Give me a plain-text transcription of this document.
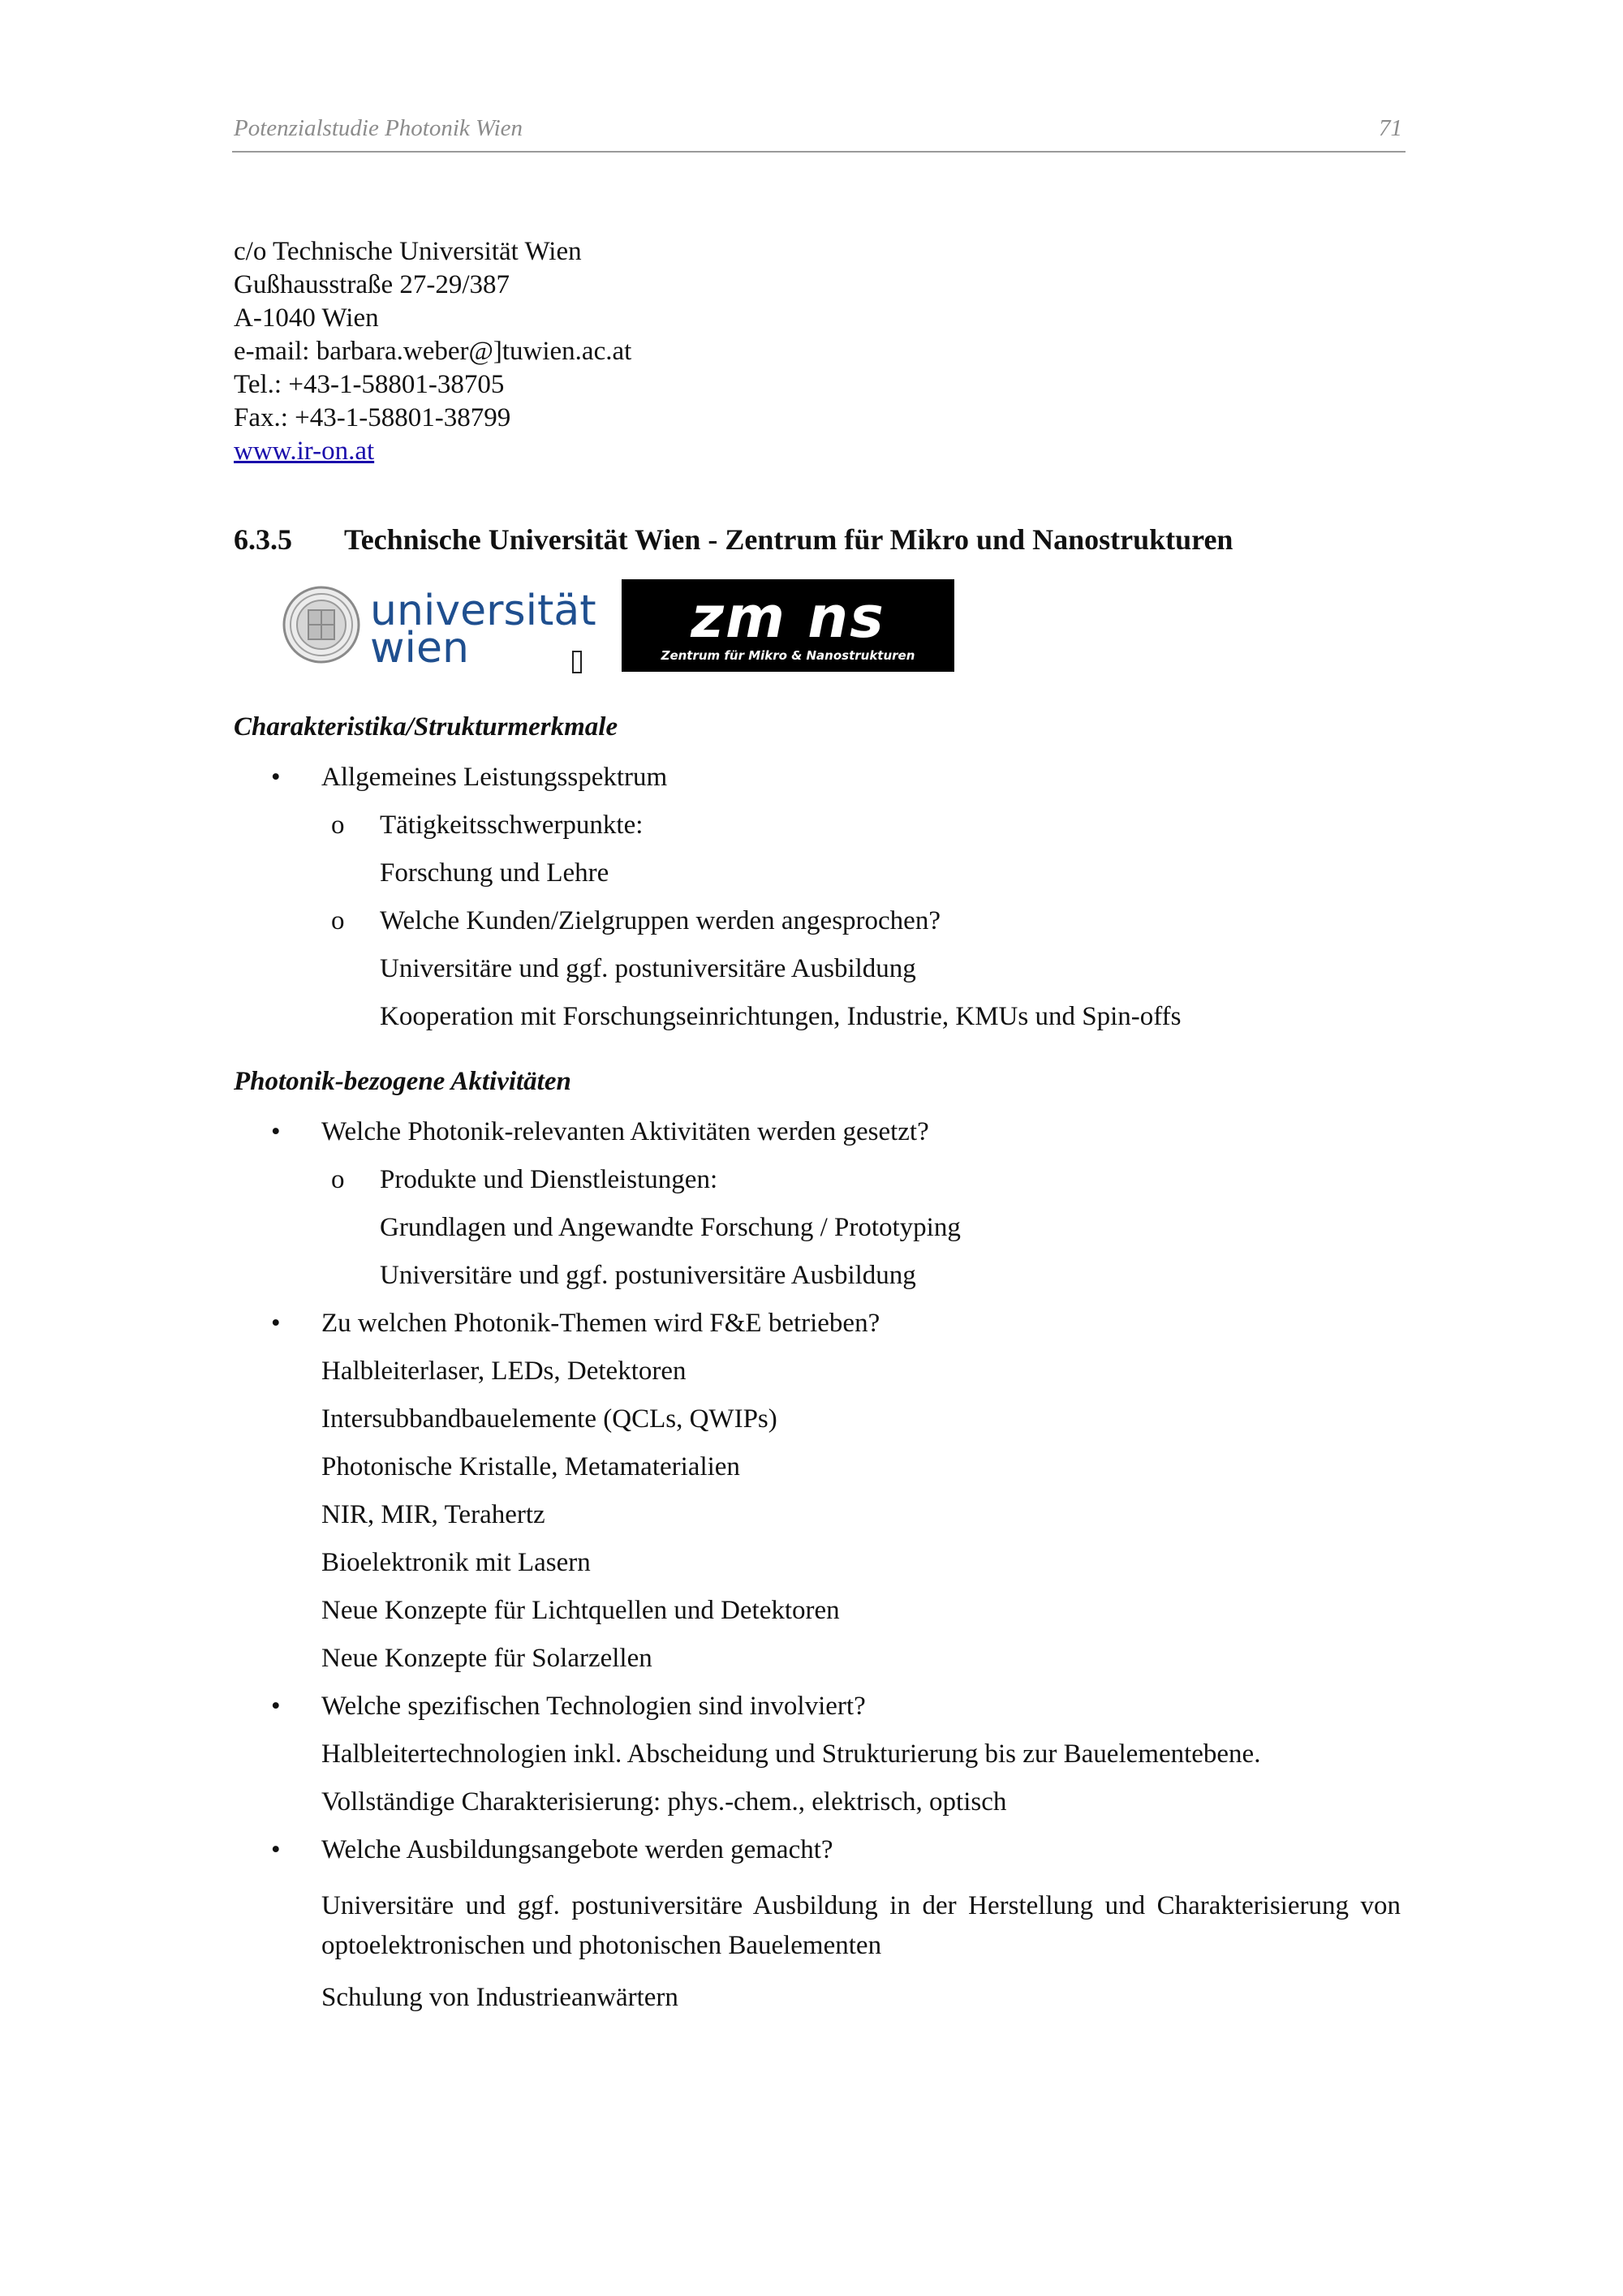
Potenzialstudie Photonik Wien	71
c/o Technische Universität Wien
Gußhausstraße 27-29/387
A-1040 Wien
e-mail: barbara.weber@]tuwien.ac.at
Tel.: +43-1-58801-38705
Fax.: +43-1-58801-38799
www.ir-on.at
6.3.5 Technische Universität Wien - Zentrum für Mikro und Nanostrukturen
universität
wien	zm ns
Zentrum für Mikro & Nanostrukturen
Charakteristika/Strukturmerkmale
• Allgemeines Leistungsspektrum
o Tätigkeitsschwerpunkte:
Forschung und Lehre
o Welche Kunden/Zielgruppen werden angesprochen?
Universitäre und ggf. postuniversitäre Ausbildung
Kooperation mit Forschungseinrichtungen, Industrie, KMUs und Spin-offs
Photonik-bezogene Aktivitäten
• Welche Photonik-relevanten Aktivitäten werden gesetzt?
o Produkte und Dienstleistungen:
Grundlagen und Angewandte Forschung / Prototyping
Universitäre und ggf. postuniversitäre Ausbildung
• Zu welchen Photonik-Themen wird F&E betrieben?
Halbleiterlaser, LEDs, Detektoren
Intersubbandbauelemente (QCLs, QWIPs)
Photonische Kristalle, Metamaterialien
NIR, MIR, Terahertz
Bioelektronik mit Lasern
Neue Konzepte für Lichtquellen und Detektoren
Neue Konzepte für Solarzellen
• Welche spezifischen Technologien sind involviert?
Halbleitertechnologien inkl. Abscheidung und Strukturierung bis zur Bauelementebene.
Vollständige Charakterisierung: phys.-chem., elektrisch, optisch
• Welche Ausbildungsangebote werden gemacht?
Universitäre und ggf. postuniversitäre Ausbildung in der Herstellung und Charakterisierung von optoelektronischen und photonischen Bauelementen
Schulung von Industrieanwärtern
